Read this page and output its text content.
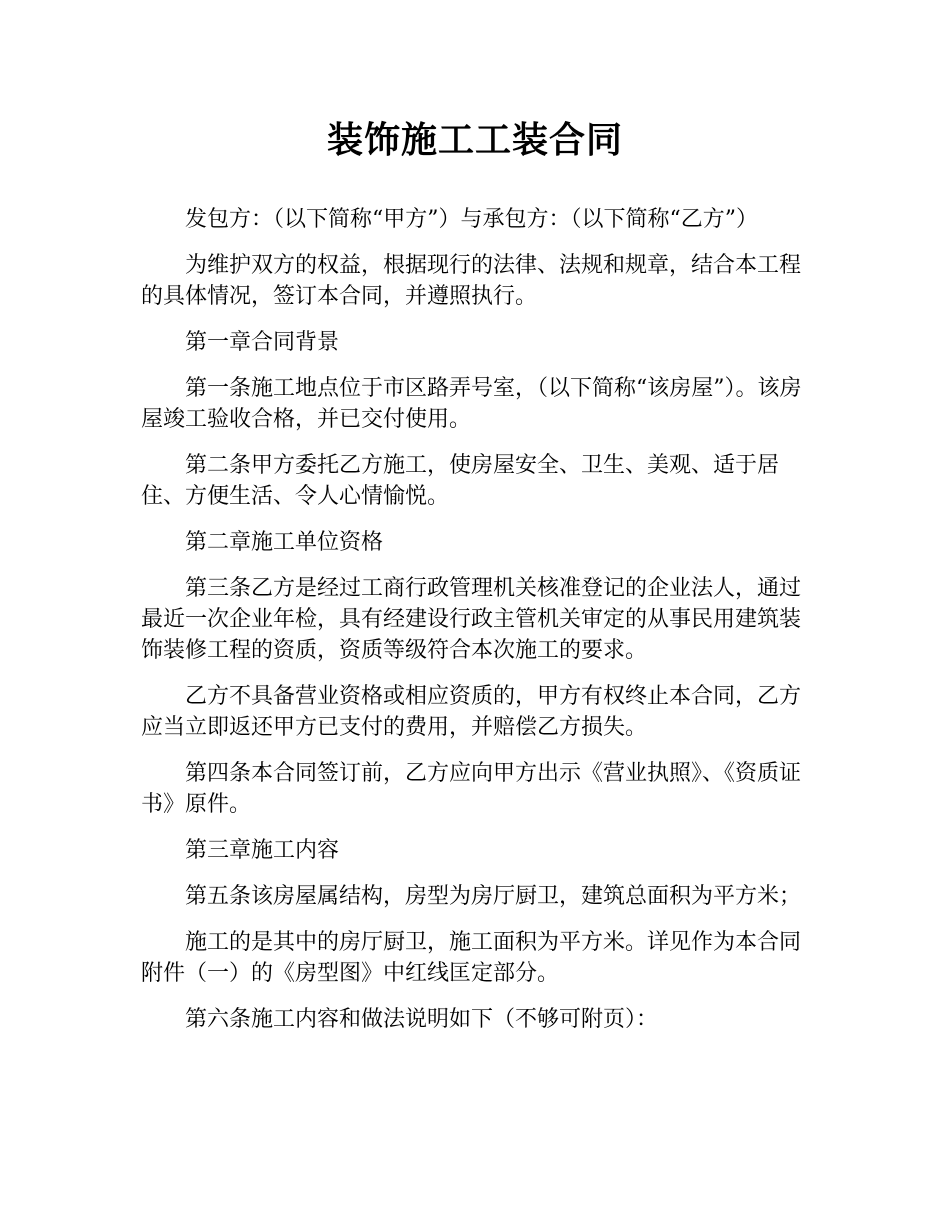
装饰施工工装合同

发包方：（以下简称“甲方”）与承包方：（以下简称“乙方”）

为维护双方的权益，根据现行的法律、法规和规章，结合本工程的具体情况，签订本合同，并遵照执行。

第一章合同背景

第一条施工地点位于市区路弄号室，（以下简称“该房屋”）。该房屋竣工验收合格，并已交付使用。

第二条甲方委托乙方施工，使房屋安全、卫生、美观、适于居住、方便生活、令人心情愉悦。

第二章施工单位资格

第三条乙方是经过工商行政管理机关核准登记的企业法人，通过最近一次企业年检，具有经建设行政主管机关审定的从事民用建筑装饰装修工程的资质，资质等级符合本次施工的要求。

乙方不具备营业资格或相应资质的，甲方有权终止本合同，乙方应当立即返还甲方已支付的费用，并赔偿乙方损失。

第四条本合同签订前，乙方应向甲方出示《营业执照》、《资质证书》原件。

第三章施工内容

第五条该房屋属结构，房型为房厅厨卫，建筑总面积为平方米；

施工的是其中的房厅厨卫，施工面积为平方米。详见作为本合同附件（一）的《房型图》中红线匡定部分。

第六条施工内容和做法说明如下（不够可附页）：
